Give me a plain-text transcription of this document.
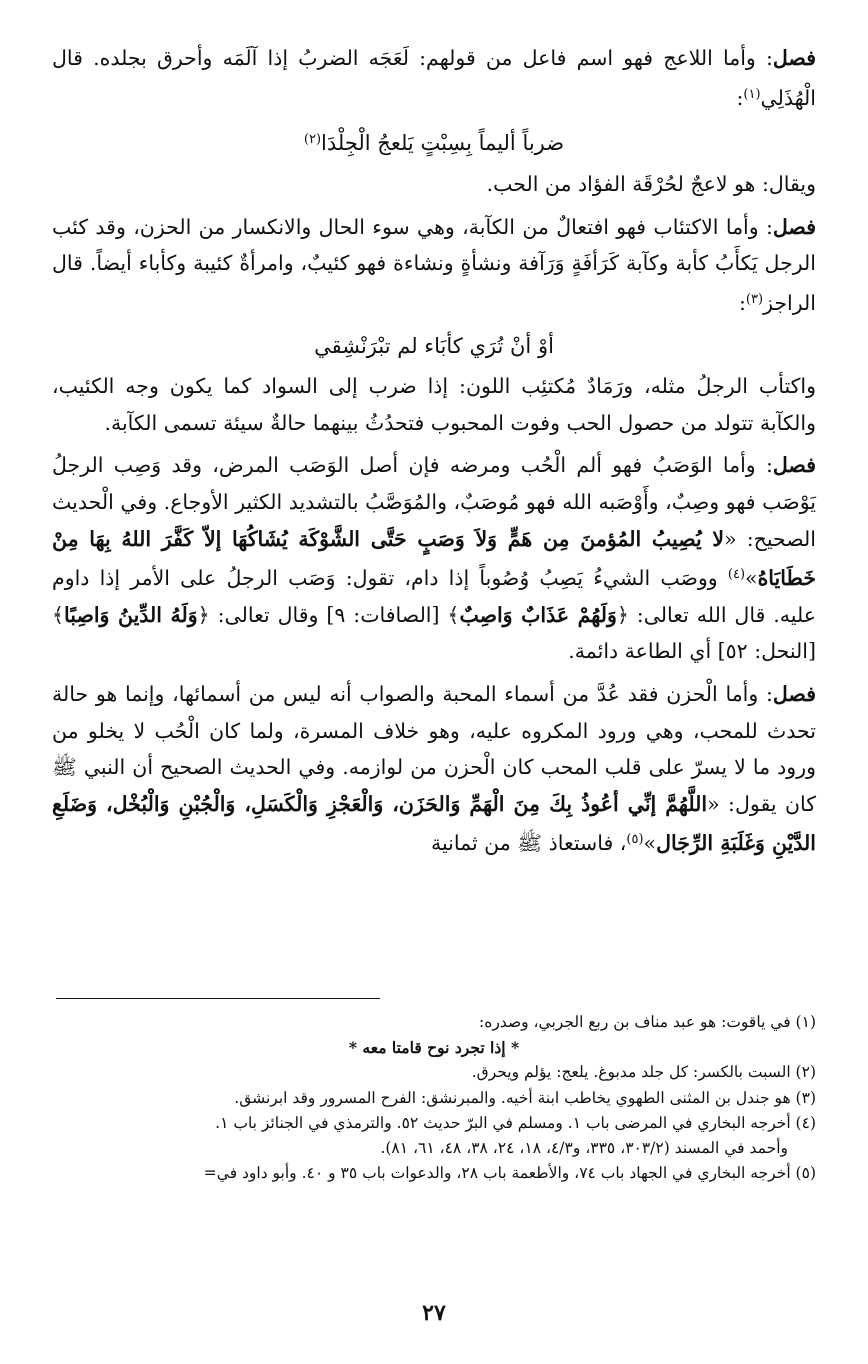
فصل: وأما اللاعج فهو اسم فاعل من قولهم: لَعَجَه الضربُ إذا آلَمَه وأحرق بجلده. قال الْهُذَلِي$^{(١)}$:

ضرباً أليماً بِسِبْتٍ يَلعجُ الْجِلْدَا$^{(٢)}$

ويقال: هو لاعجٌ لحُرْقَة الفؤاد من الحب.

فصل: وأما الاكتئاب فهو افتعالٌ من الكآبة، وهي سوء الحال والانكسار من الحزن، وقد كئب الرجل يَكأَبُ كأبة وكآبة كَرَأفَةٍ وَرَآفة ونشأةٍ ونشاءة فهو كئيبٌ، وامرأةٌ كئيبة وكأباء أيضاً. قال الراجز$^{(٣)}$:

أوْ أنْ تُرَي كأبَاء لم تبْرَنْشِقي

واكتأب الرجلُ مثله، ورَمَادٌ مُكتئِب اللون: إذا ضرب إلى السواد كما يكون وجه الكئيب، والكآبة تتولد من حصول الحب وفوت المحبوب فتحدُثُ بينهما حالةٌ سيئة تسمى الكآبة.

فصل: وأما الوَصَبُ فهو ألم الْحُب ومرضه فإن أصل الوَصَب المرض، وقد وَصِب الرجلُ يَوْصَب فهو وصِبٌ، وأَوْصَبه الله فهو مُوصَبٌ، والمُوَصَّبُ بالتشديد الكثير الأوجاع. وفي الْحديث الصحيح: «لا يُصِيبُ المُؤمنَ مِن هَمٍّ وَلاَ وَصَبٍ حَتَّى الشَّوْكَة يُشَاكُهَا إلاّ كَفَّرَ اللهُ بِهَا مِنْ خَطَايَاهُ»$^{(٤)}$ ووصَب الشيءُ يَصِبُ وُصُوباً إذا دام، تقول: وَصَب الرجلُ على الأمر إذا داوم عليه. قال الله تعالى: ﴿وَلَهُمْ عَذَابٌ وَاصِبٌ﴾ [الصافات: ٩] وقال تعالى: ﴿وَلَهُ الدِّينُ وَاصِبًا﴾ [النحل: ٥٢] أي الطاعة دائمة.

فصل: وأما الْحزن فقد عُدَّ من أسماء المحبة والصواب أنه ليس من أسمائها، وإنما هو حالة تحدث للمحب، وهي ورود المكروه عليه، وهو خلاف المسرة، ولما كان الْحُب لا يخلو من ورود ما لا يسرّ على قلب المحب كان الْحزن من لوازمه. وفي الحديث الصحيح أن النبي ﷺ كان يقول: «اللَّهُمَّ إنِّي أعُوذُ بِكَ مِنَ الْهَمِّ وَالحَزَن، وَالْعَجْزِ وَالْكَسَلِ، وَالْجُبْنِ وَالْبُخْل، وَضَلَعِ الدَّيْنِ وَغَلَبَةِ الرِّجَال»$^{(٥)}$، فاستعاذ ﷺ من ثمانية

(١) في ياقوت: هو عبد مناف بن ربع الجربي، وصدره:

* إذا تجرد نوح قامتا معه *

(٢) السبت بالكسر: كل جلد مدبوغ. يلعج: يؤلم ويحرق.

(٣) هو جندل بن المثنى الطهوي يخاطب ابنة أخيه. والمبرنشق: الفرح المسرور وقد ابرنشق.

(٤) أخرجه البخاري في المرضى باب ١. ومسلم في البرّ حديث ٥٢. والترمذي في الجنائز باب ١.

وأحمد في المسند (٣٠٣/٢، ٣٣٥، و٤/٣، ١٨، ٢٤، ٣٨، ٤٨، ٦١، ٨١).

(٥) أخرجه البخاري في الجهاد باب ٧٤، والأطعمة باب ٢٨، والدعوات باب ٣٥ و ٤٠. وأبو داود في=

٢٧
